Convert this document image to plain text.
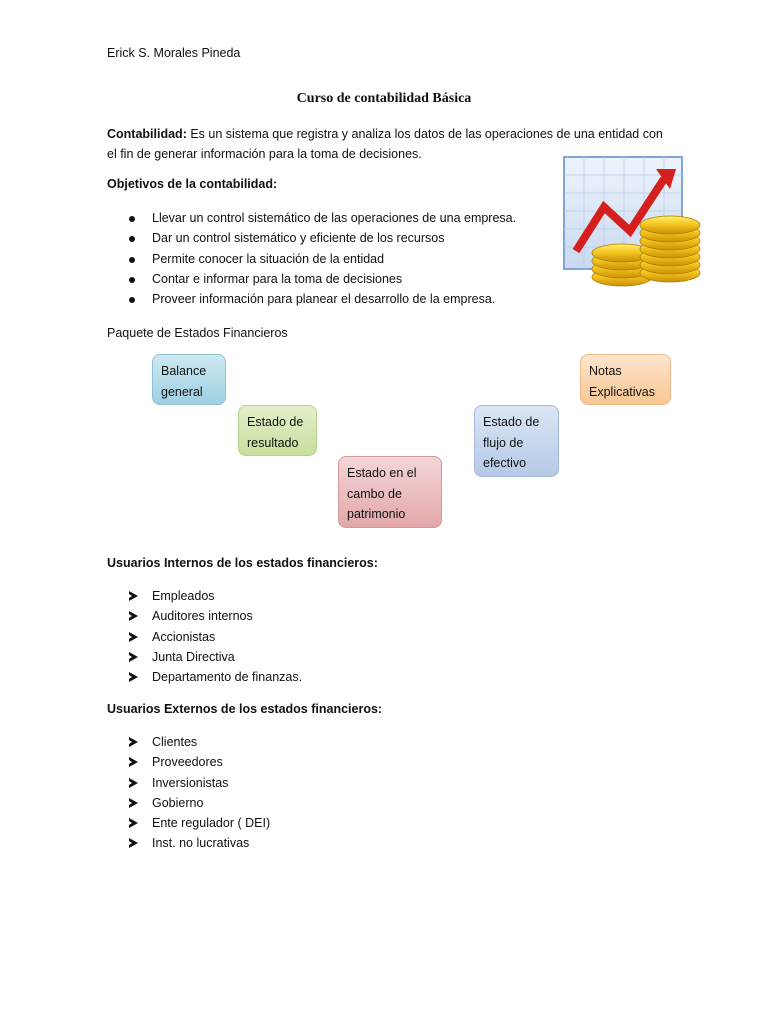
Erick S. Morales Pineda
Curso de contabilidad Básica
Contabilidad: Es un sistema que registra y analiza los datos de las operaciones de una entidad con el fin de generar información para la toma de decisiones.
Objetivos de la contabilidad:
Llevar un control sistemático de las operaciones de una empresa.
Dar un control sistemático y eficiente de los recursos
Permite conocer la situación de la entidad
Contar e informar para la toma de decisiones
Proveer información para planear el desarrollo de la empresa.
Paquete de Estados Financieros
Balance
general
Estado de
resultado
Estado en el
cambo de
patrimonio
Estado de
flujo de
efectivo
Notas
Explicativas
Usuarios Internos de los estados financieros:
Empleados
Auditores internos
Accionistas
Junta Directiva
Departamento de finanzas.
Usuarios Externos de los estados financieros:
Clientes
Proveedores
Inversionistas
Gobierno
Ente regulador ( DEI)
Inst. no lucrativas
